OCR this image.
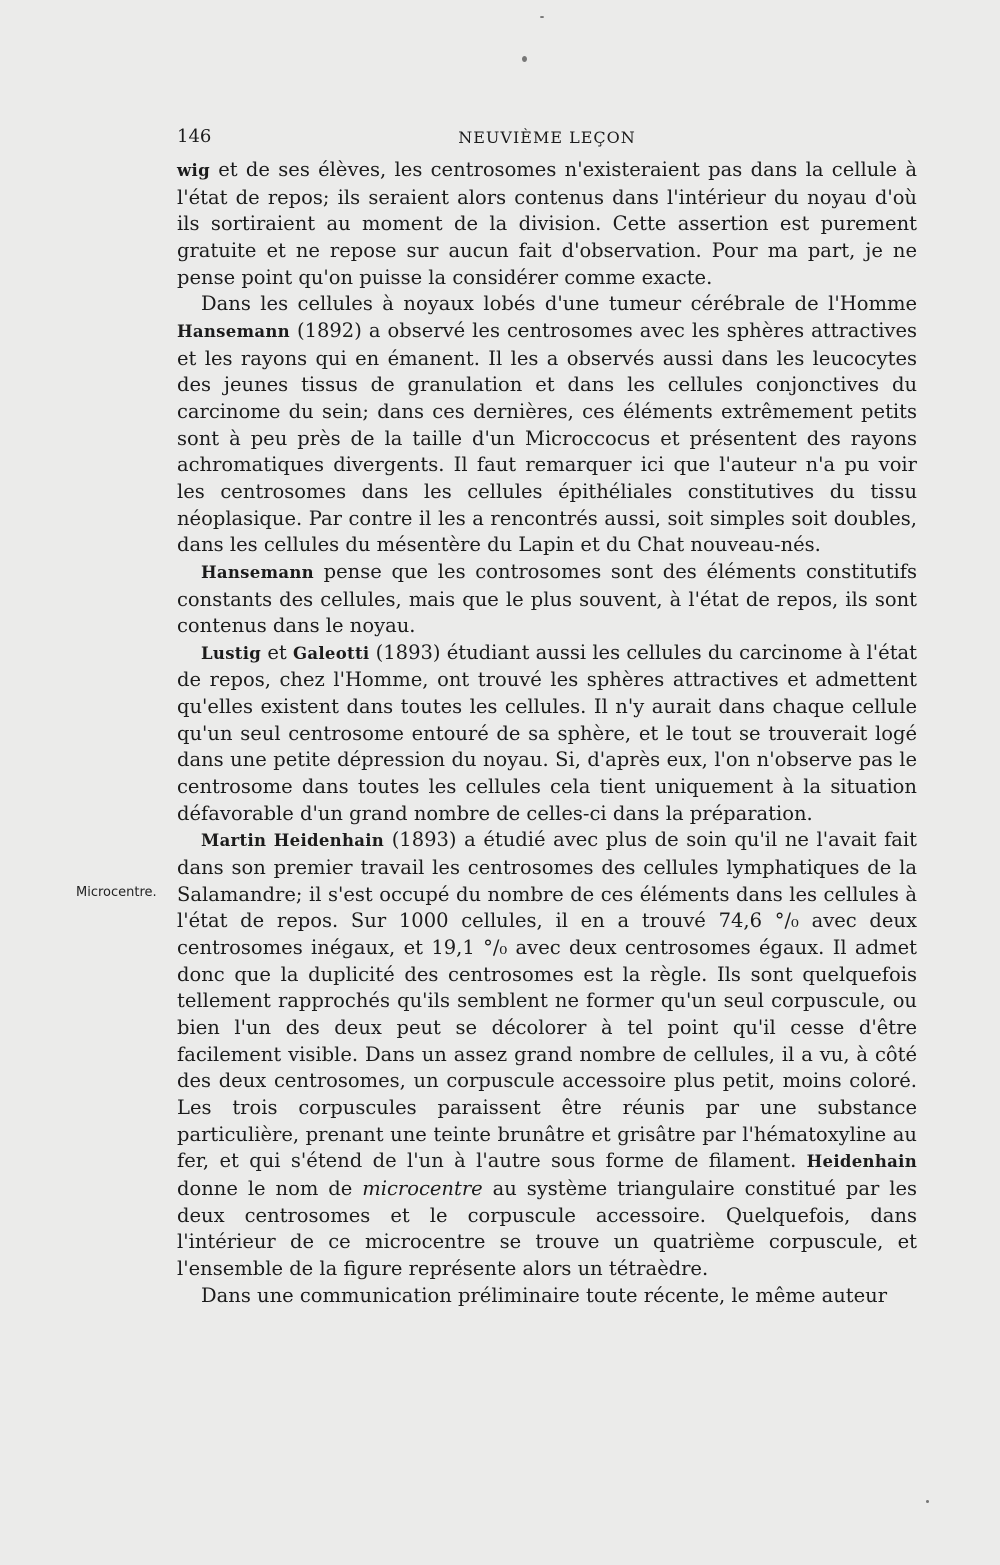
146	NEUVIÈME LEÇON
Microcentre.

wig et de ses élèves, les centrosomes n'existeraient pas dans la cellule à l'état de repos; ils seraient alors contenus dans l'intérieur du noyau d'où ils sortiraient au moment de la division. Cette assertion est purement gratuite et ne repose sur aucun fait d'observation. Pour ma part, je ne pense point qu'on puisse la considérer comme exacte.

Dans les cellules à noyaux lobés d'une tumeur cérébrale de l'Homme Hansemann (1892) a observé les centrosomes avec les sphères attractives et les rayons qui en émanent. Il les a observés aussi dans les leucocytes des jeunes tissus de granulation et dans les cellules conjonctives du carcinome du sein; dans ces dernières, ces éléments extrêmement petits sont à peu près de la taille d'un Microccocus et présentent des rayons achromatiques divergents. Il faut remarquer ici que l'auteur n'a pu voir les centrosomes dans les cellules épithéliales constitutives du tissu néoplasique. Par contre il les a rencontrés aussi, soit simples soit doubles, dans les cellules du mésentère du Lapin et du Chat nouveau-nés.

Hansemann pense que les controsomes sont des éléments constitutifs constants des cellules, mais que le plus souvent, à l'état de repos, ils sont contenus dans le noyau.

Lustig et Galeotti (1893) étudiant aussi les cellules du carcinome à l'état de repos, chez l'Homme, ont trouvé les sphères attractives et admettent qu'elles existent dans toutes les cellules. Il n'y aurait dans chaque cellule qu'un seul centrosome entouré de sa sphère, et le tout se trouverait logé dans une petite dépression du noyau. Si, d'après eux, l'on n'observe pas le centrosome dans toutes les cellules cela tient uniquement à la situation défavorable d'un grand nombre de celles-ci dans la préparation.

Martin Heidenhain (1893) a étudié avec plus de soin qu'il ne l'avait fait dans son premier travail les centrosomes des cellules lymphatiques de la Salamandre; il s'est occupé du nombre de ces éléments dans les cellules à l'état de repos. Sur 1000 cellules, il en a trouvé 74,6 °/₀ avec deux centrosomes inégaux, et 19,1 °/₀ avec deux centrosomes égaux. Il admet donc que la duplicité des centrosomes est la règle. Ils sont quelquefois tellement rapprochés qu'ils semblent ne former qu'un seul corpuscule, ou bien l'un des deux peut se décolorer à tel point qu'il cesse d'être facilement visible. Dans un assez grand nombre de cellules, il a vu, à côté des deux centrosomes, un corpuscule accessoire plus petit, moins coloré. Les trois corpuscules paraissent être réunis par une substance particulière, prenant une teinte brunâtre et grisâtre par l'hématoxyline au fer, et qui s'étend de l'un à l'autre sous forme de filament. Heidenhain donne le nom de microcentre au système triangulaire constitué par les deux centrosomes et le corpuscule accessoire. Quelquefois, dans l'intérieur de ce microcentre se trouve un quatrième corpuscule, et l'ensemble de la figure représente alors un tétraèdre.

Dans une communication préliminaire toute récente, le même auteur
